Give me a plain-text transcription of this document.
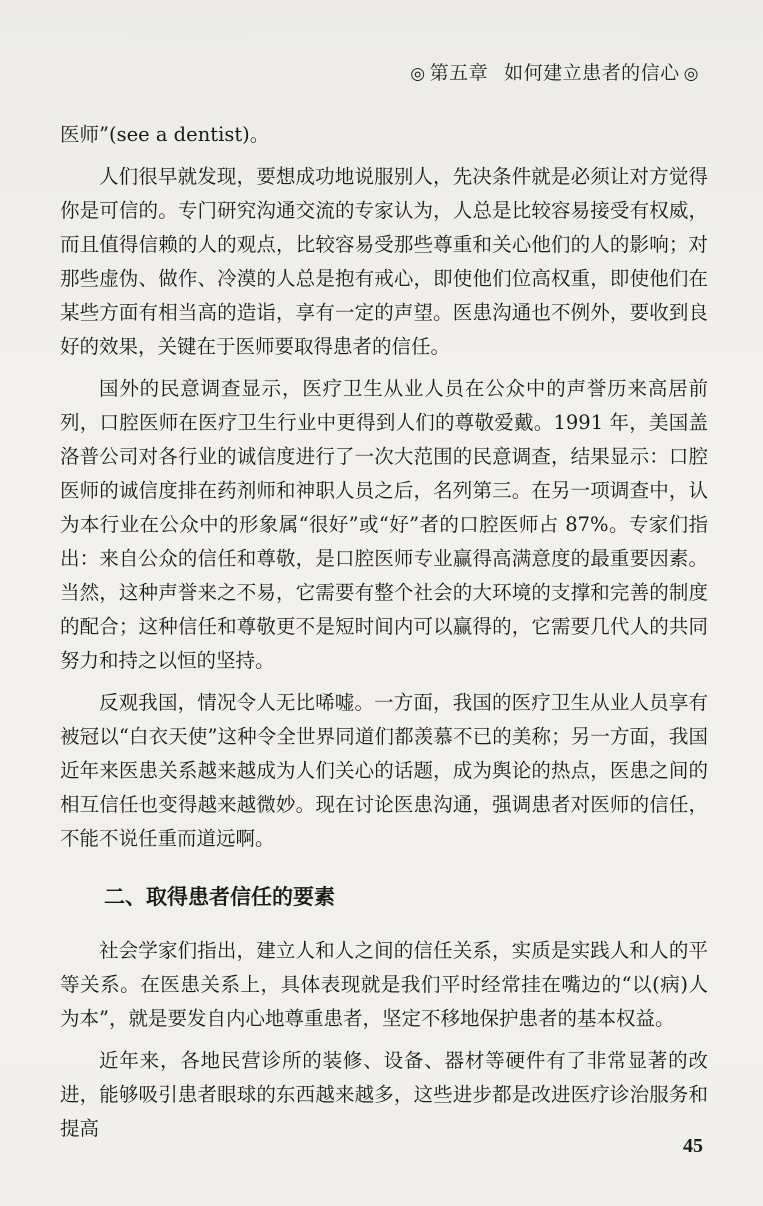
◎ 第五章 如何建立患者的信心 ◎

医师”(see a dentist)。

人们很早就发现，要想成功地说服别人，先决条件就是必须让对方觉得你是可信的。专门研究沟通交流的专家认为，人总是比较容易接受有权威，而且值得信赖的人的观点，比较容易受那些尊重和关心他们的人的影响；对那些虚伪、做作、冷漠的人总是抱有戒心，即使他们位高权重，即使他们在某些方面有相当高的造诣，享有一定的声望。医患沟通也不例外，要收到良好的效果，关键在于医师要取得患者的信任。

国外的民意调查显示，医疗卫生从业人员在公众中的声誉历来高居前列，口腔医师在医疗卫生行业中更得到人们的尊敬爱戴。1991 年，美国盖洛普公司对各行业的诚信度进行了一次大范围的民意调查，结果显示：口腔医师的诚信度排在药剂师和神职人员之后，名列第三。在另一项调查中，认为本行业在公众中的形象属“很好”或“好”者的口腔医师占 87%。专家们指出：来自公众的信任和尊敬，是口腔医师专业赢得高满意度的最重要因素。当然，这种声誉来之不易，它需要有整个社会的大环境的支撑和完善的制度的配合；这种信任和尊敬更不是短时间内可以赢得的，它需要几代人的共同努力和持之以恒的坚持。

反观我国，情况令人无比唏嘘。一方面，我国的医疗卫生从业人员享有被冠以“白衣天使”这种令全世界同道们都羡慕不已的美称；另一方面，我国近年来医患关系越来越成为人们关心的话题，成为舆论的热点，医患之间的相互信任也变得越来越微妙。现在讨论医患沟通，强调患者对医师的信任，不能不说任重而道远啊。

二、取得患者信任的要素

社会学家们指出，建立人和人之间的信任关系，实质是实践人和人的平等关系。在医患关系上，具体表现就是我们平时经常挂在嘴边的“以(病)人为本”，就是要发自内心地尊重患者，坚定不移地保护患者的基本权益。

近年来，各地民营诊所的装修、设备、器材等硬件有了非常显著的改进，能够吸引患者眼球的东西越来越多，这些进步都是改进医疗诊治服务和提高

45
